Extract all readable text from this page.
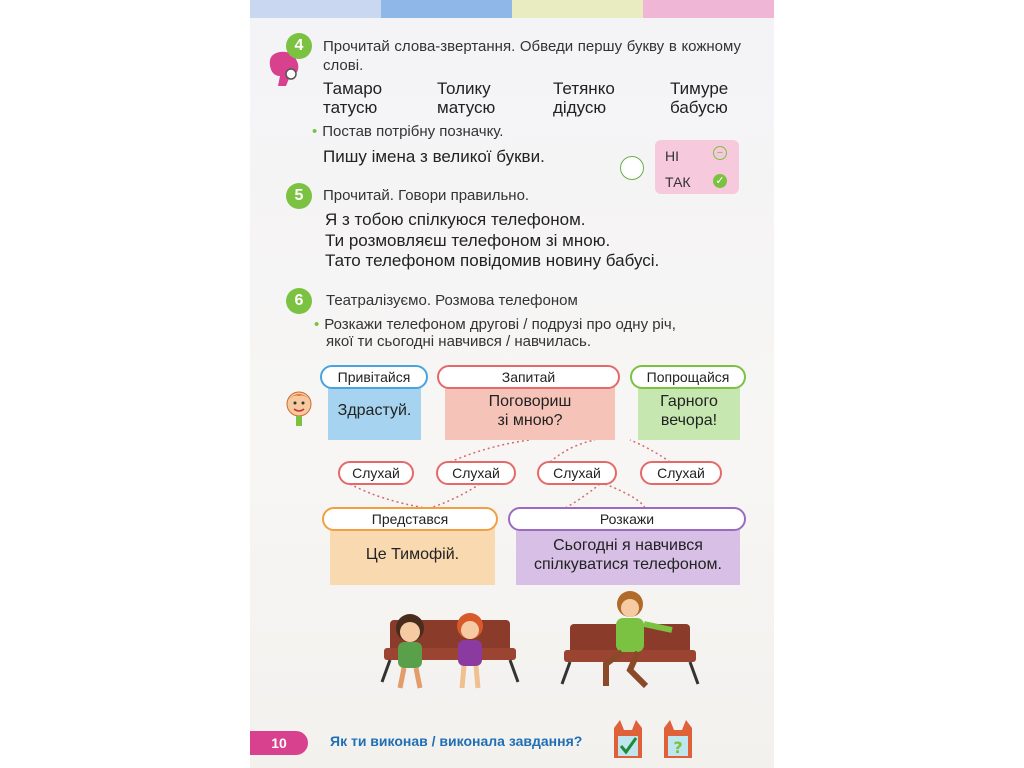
4	Прочитай слова-звертання. Обведи першу букву в кожному слові.
Тамаро	Толику	Тетянко	Тимуре
татусю	матусю	дідусю	бабусю
• Постав потрібну позначку.
Пишу імена з великої букви.	НІ	−
ТАК ✓
5	Прочитай. Говори правильно.
Я з тобою спілкуюся телефоном.
Ти розмовляєш телефоном зі мною.
Тато телефоном повідомив новину бабусі.
6	Театралізуємо. Розмова телефоном
• Розкажи телефоном другові / подрузі про одну річ,
якої ти сьогодні навчився / навчилась.
Здрастуй.
Привітайся
Поговориш
зі мною?
Запитай
Гарного
вечора!
Попрощайся
Слухай	Слухай	Слухай	Слухай
Це Тимофій.
Представся
Сьогодні я навчився
спілкуватися телефоном.
Розкажи
10	Як ти виконав / виконала завдання?	?
